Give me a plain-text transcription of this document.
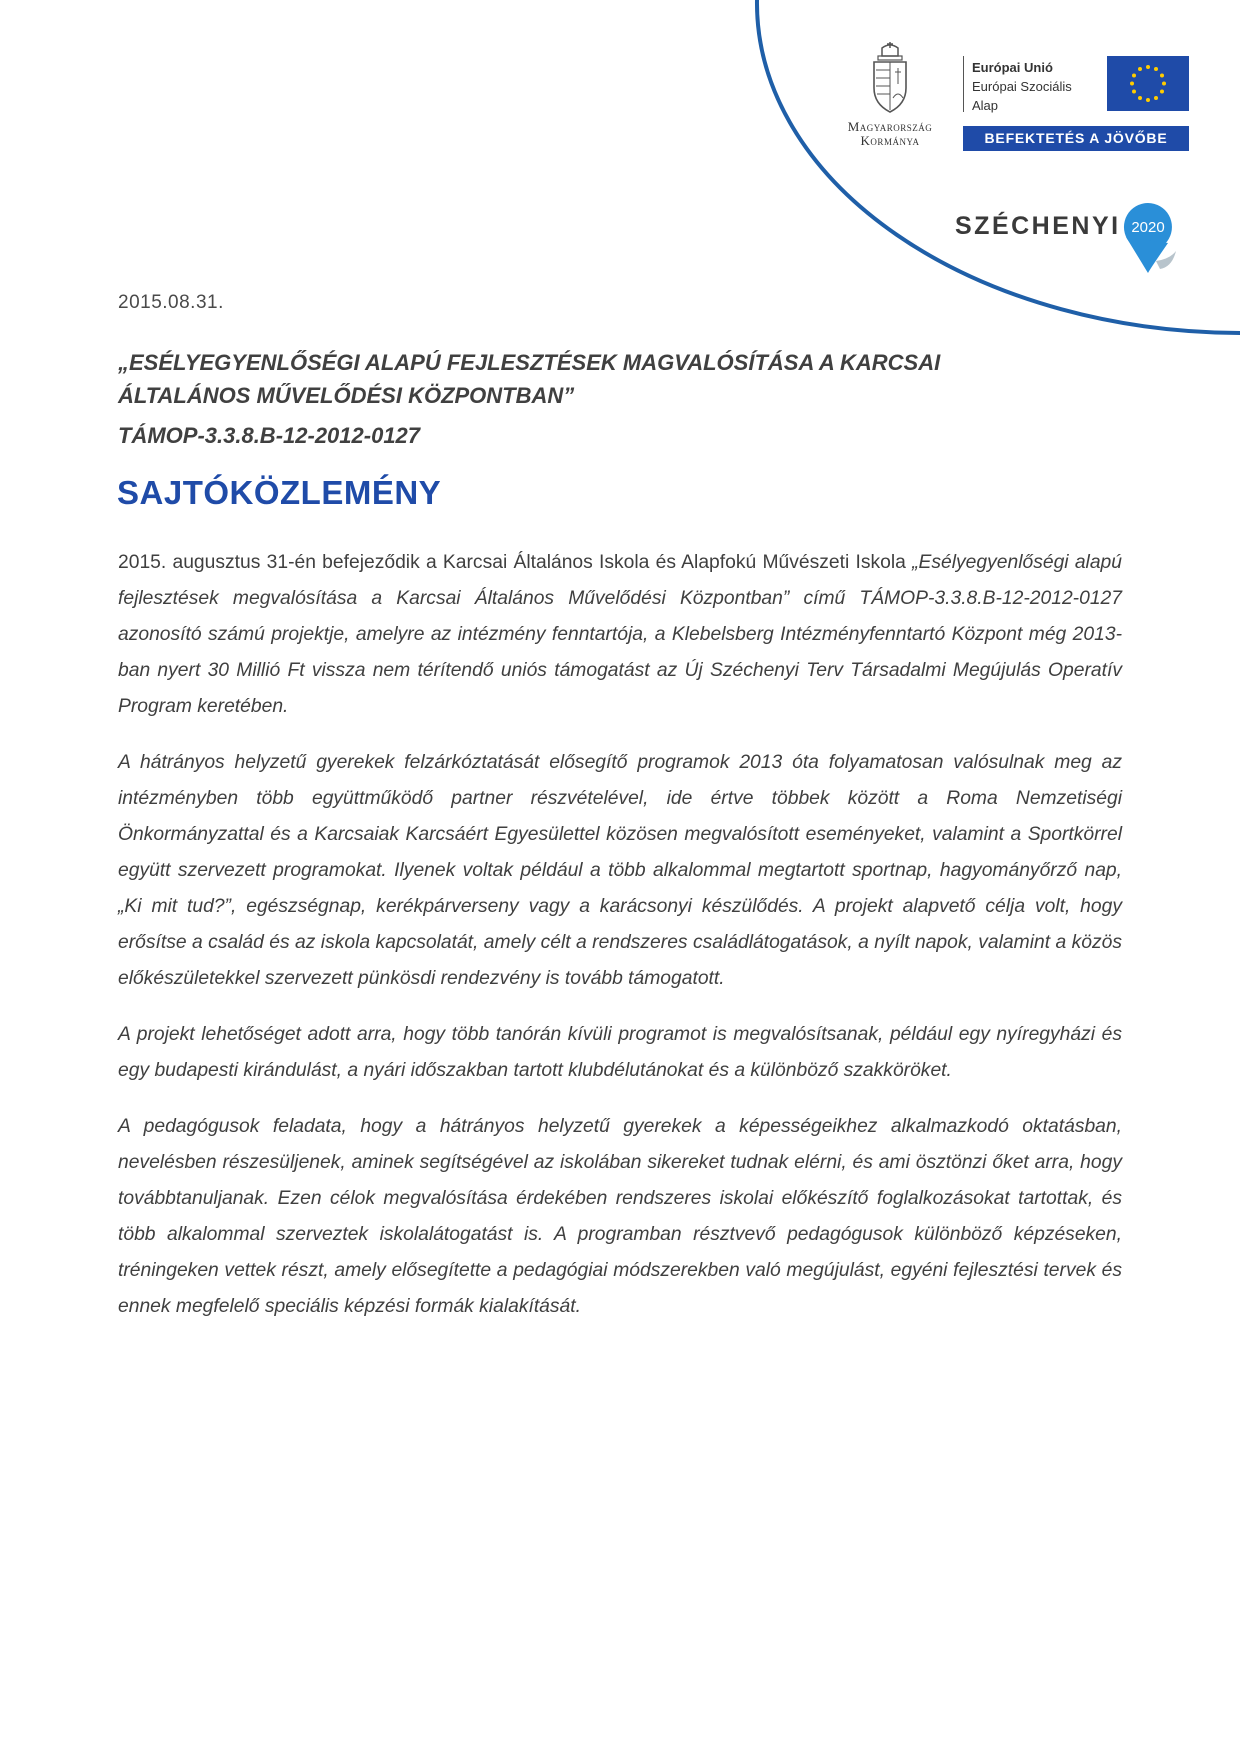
Magyarország
Kormánya
Európai Unió
Európai Szociális
Alap
BEFEKTETÉS A JÖVŐBE
SZÉCHENYI 2020
2015.08.31.
„ESÉLYEGYENLŐSÉGI ALAPÚ FEJLESZTÉSEK MAGVALÓSÍTÁSA A KARCSAI
ÁLTALÁNOS MŰVELŐDÉSI KÖZPONTBAN”
TÁMOP-3.3.8.B-12-2012-0127
SAJTÓKÖZLEMÉNY

2015. augusztus 31-én befejeződik a Karcsai Általános Iskola és Alapfokú Művészeti Iskola „Esélyegyenlőségi alapú fejlesztések megvalósítása a Karcsai Általános Művelődési Központban” című TÁMOP-3.3.8.B-12-2012-0127 azonosító számú projektje, amelyre az intézmény fenntartója, a Klebelsberg Intézményfenntartó Központ még 2013-ban nyert 30 Millió Ft vissza nem térítendő uniós támogatást az Új Széchenyi Terv Társadalmi Megújulás Operatív Program keretében.

A hátrányos helyzetű gyerekek felzárkóztatását elősegítő programok 2013 óta folyamatosan valósulnak meg az intézményben több együttműködő partner részvételével, ide értve többek között a Roma Nemzetiségi Önkormányzattal és a Karcsaiak Karcsáért Egyesülettel közösen megvalósított eseményeket, valamint a Sportkörrel együtt szervezett programokat. Ilyenek voltak például a több alkalommal megtartott sportnap, hagyományőrző nap, „Ki mit tud?”, egészségnap, kerékpárverseny vagy a karácsonyi készülődés. A projekt alapvető célja volt, hogy erősítse a család és az iskola kapcsolatát, amely célt a rendszeres családlátogatások, a nyílt napok, valamint a közös előkészületekkel szervezett pünkösdi rendezvény is tovább támogatott.

A projekt lehetőséget adott arra, hogy több tanórán kívüli programot is megvalósítsanak, például egy nyíregyházi és egy budapesti kirándulást, a nyári időszakban tartott klubdélutánokat és a különböző szakköröket.

A pedagógusok feladata, hogy a hátrányos helyzetű gyerekek a képességeikhez alkalmazkodó oktatásban, nevelésben részesüljenek, aminek segítségével az iskolában sikereket tudnak elérni, és ami ösztönzi őket arra, hogy továbbtanuljanak. Ezen célok megvalósítása érdekében rendszeres iskolai előkészítő foglalkozásokat tartottak, és több alkalommal szerveztek iskolalátogatást is. A programban résztvevő pedagógusok különböző képzéseken, tréningeken vettek részt, amely elősegítette a pedagógiai módszerekben való megújulást, egyéni fejlesztési tervek és ennek megfelelő speciális képzési formák kialakítását.
